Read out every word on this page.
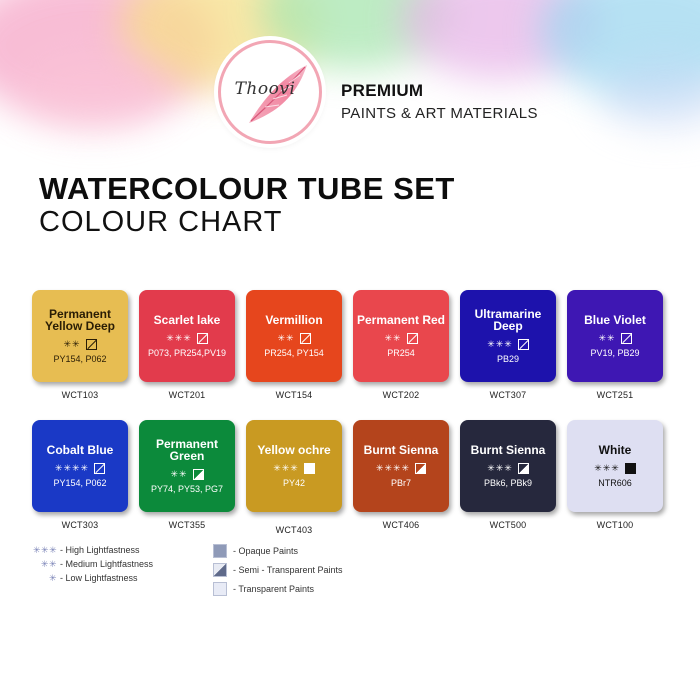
Thoovi	PREMIUM
PAINTS & ART MATERIALS
WATERCOLOUR TUBE SET
COLOUR CHART
Permanent Yellow Deep
✳✳
PY154, P062
WCT103
Scarlet lake
✳✳✳
P073, PR254,PV19
WCT201
Vermillion
✳✳
PR254, PY154
WCT154
Permanent Red
✳✳
PR254
WCT202
Ultramarine Deep
✳✳✳
PB29
WCT307
Blue Violet
✳✳
PV19, PB29
WCT251
Cobalt Blue
✳✳✳✳
PY154, P062
WCT303
Permanent Green
✳✳
PY74, PY53, PG7
WCT355
Yellow ochre
✳✳✳
PY42
WCT403
Burnt Sienna
✳✳✳✳
PBr7
WCT406
Burnt Sienna
✳✳✳
PBk6, PBk9
WCT500
White
✳✳✳
NTR606
WCT100
✳✳✳ - High Lightfastness
✳✳ - Medium Lightfastness
✳ - Low Lightfastness
- Opaque Paints
- Semi - Transparent Paints
- Transparent Paints
